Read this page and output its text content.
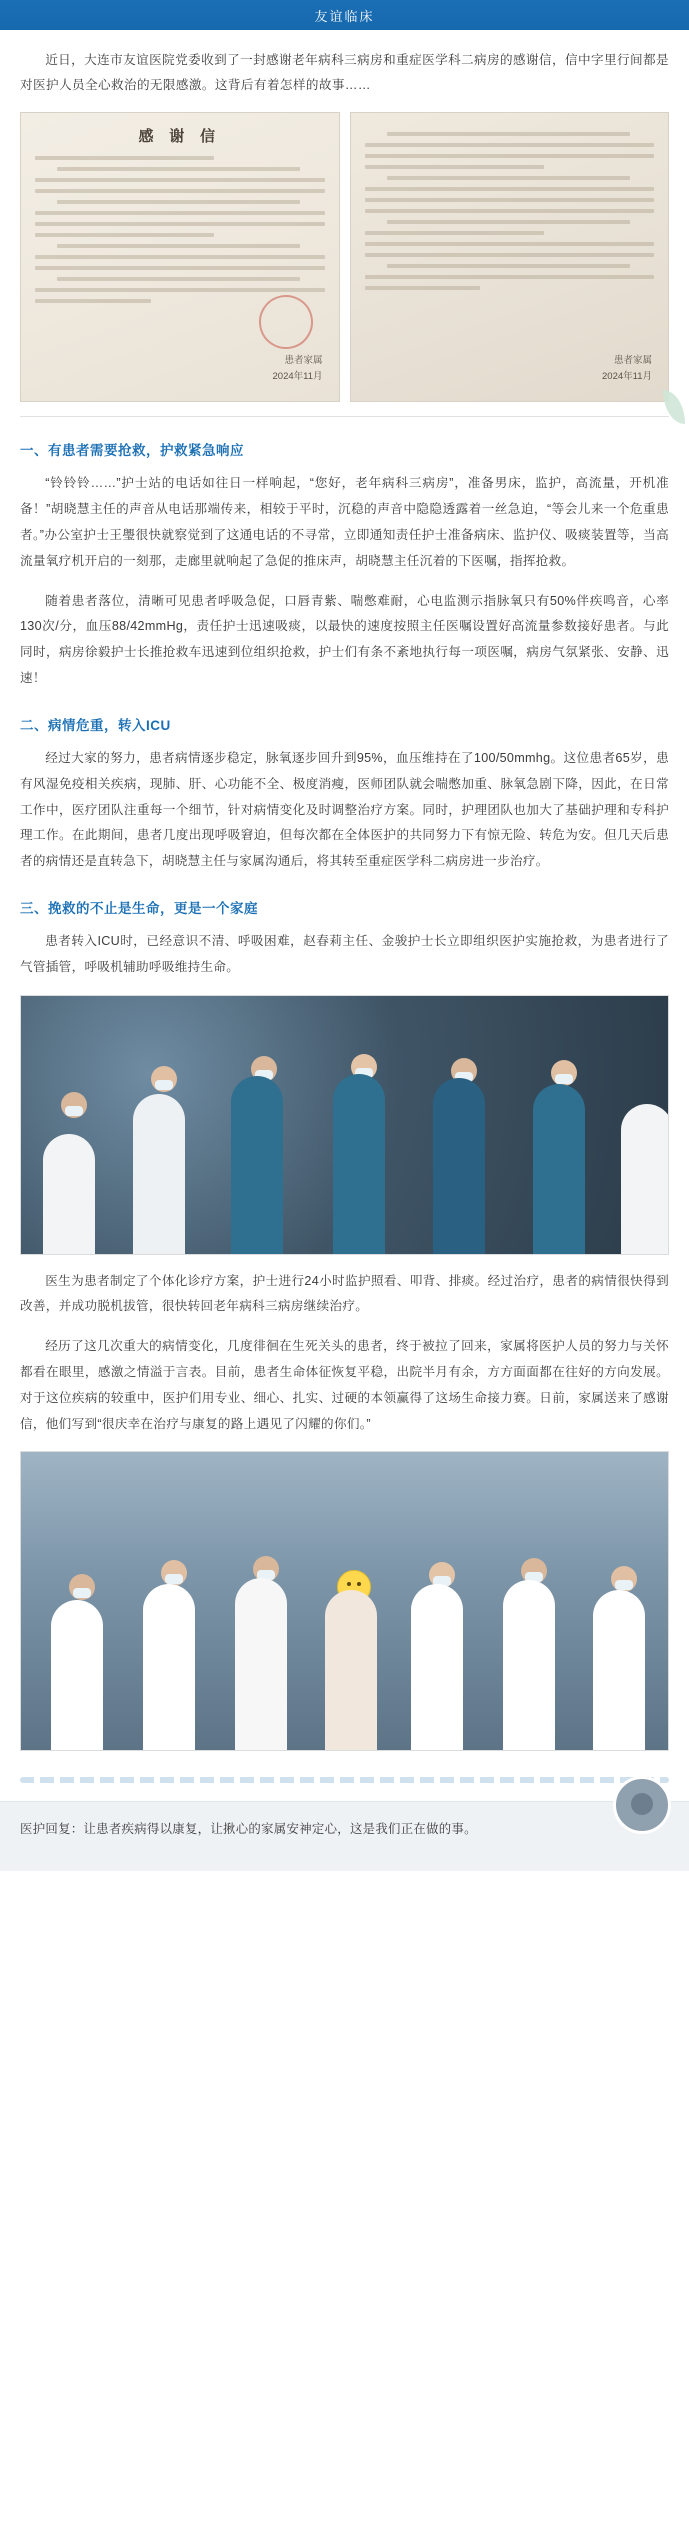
友谊临床

近日，大连市友谊医院党委收到了一封感谢老年病科三病房和重症医学科二病房的感谢信，信中字里行间都是对医护人员全心救治的无限感激。这背后有着怎样的故事……

感 谢 信
患者家属
2024年11月
患者家属
2024年11月
一、有患者需要抢救，护救紧急响应

“铃铃铃……”护士站的电话如往日一样响起，“您好，老年病科三病房”，准备男床，监护，高流量，开机准备！”胡晓慧主任的声音从电话那端传来，相较于平时，沉稳的声音中隐隐透露着一丝急迫，“等会儿来一个危重患者。”办公室护士王璺很快就察觉到了这通电话的不寻常，立即通知责任护士准备病床、监护仪、吸痰装置等，当高流量氧疗机开启的一刻那，走廊里就响起了急促的推床声，胡晓慧主任沉着的下医嘱，指挥抢救。

随着患者落位，清晰可见患者呼吸急促，口唇青紫、喘憋难耐，心电监测示指脉氧只有50%伴疾鸣音，心率130次/分，血压88/42mmHg，责任护士迅速吸痰，以最快的速度按照主任医嘱设置好高流量参数接好患者。与此同时，病房徐毅护士长推抢救车迅速到位组织抢救，护士们有条不紊地执行每一项医嘱，病房气氛紧张、安静、迅速！

二、病情危重，转入ICU

经过大家的努力，患者病情逐步稳定，脉氧逐步回升到95%，血压维持在了100/50mmhg。这位患者65岁，患有风湿免疫相关疾病，现肺、肝、心功能不全、极度消瘦，医师团队就会喘憋加重、脉氧急剧下降，因此，在日常工作中，医疗团队注重每一个细节，针对病情变化及时调整治疗方案。同时，护理团队也加大了基础护理和专科护理工作。在此期间，患者几度出现呼吸窘迫，但每次都在全体医护的共同努力下有惊无险、转危为安。但几天后患者的病情还是直转急下，胡晓慧主任与家属沟通后，将其转至重症医学科二病房进一步治疗。

三、挽救的不止是生命，更是一个家庭

患者转入ICU时，已经意识不清、呼吸困难，赵春莉主任、金骏护士长立即组织医护实施抢救，为患者进行了气管插管，呼吸机辅助呼吸维持生命。

医生为患者制定了个体化诊疗方案，护士进行24小时监护照看、叩背、排痰。经过治疗，患者的病情很快得到改善，并成功脱机拔管，很快转回老年病科三病房继续治疗。

经历了这几次重大的病情变化，几度徘徊在生死关头的患者，终于被拉了回来，家属将医护人员的努力与关怀都看在眼里，感激之情溢于言表。目前，患者生命体征恢复平稳，出院半月有余，方方面面都在往好的方向发展。对于这位疾病的较重中，医护们用专业、细心、扎实、过硬的本领赢得了这场生命接力赛。日前，家属送来了感谢信，他们写到“很庆幸在治疗与康复的路上遇见了闪耀的你们。”

医护回复：让患者疾病得以康复，让揪心的家属安神定心，这是我们正在做的事。
